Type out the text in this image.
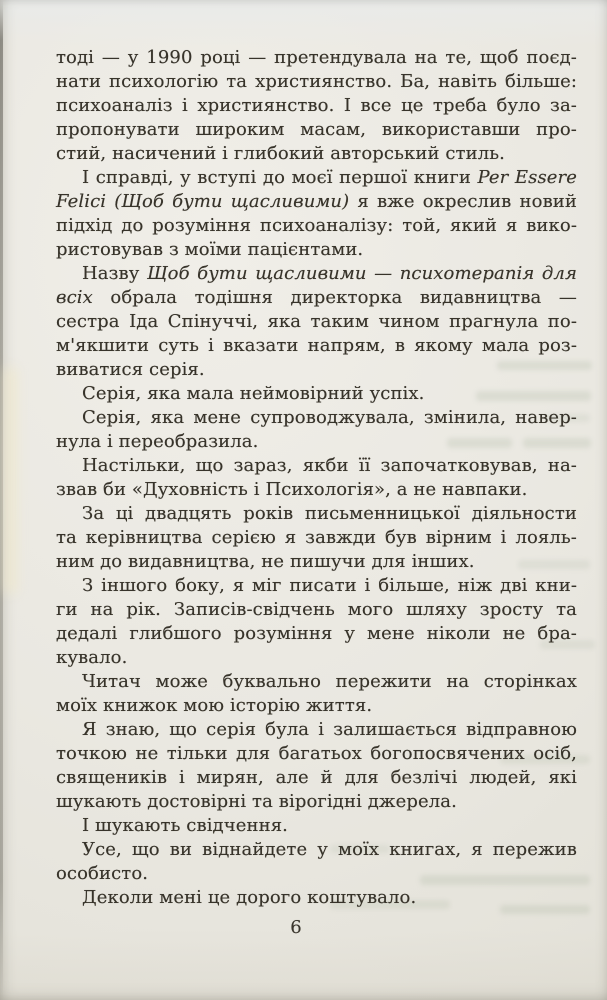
тоді — у 1990 році — претендувала на те, щоб поєд-
нати психологію та християнство. Ба, навіть більше:
психоаналіз і християнство. І все це треба було за-
пропонувати широким масам, використавши про-
стий, насичений і глибокий авторський стиль.
І справді, у вступі до моєї першої книги Per Essere
Felici (Щоб бути щасливими) я вже окреслив новий
підхід до розуміння психоаналізу: той, який я вико-
ристовував з моїми пацієнтами.
Назву Щоб бути щасливими — психотерапія для
всіх обрала тодішня директорка видавництва —
сестра Іда Спінуччі, яка таким чином прагнула по-
м'якшити суть і вказати напрям, в якому мала роз-
виватися серія.
Серія, яка мала неймовірний успіх.
Серія, яка мене супроводжувала, змінила, навер-
нула і переобразила.
Настільки, що зараз, якби її започатковував, на-
звав би «Духовність і Психологія», а не навпаки.
За ці двадцять років письменницької діяльности
та керівництва серією я завжди був вірним і лояль-
ним до видавництва, не пишучи для інших.
З іншого боку, я міг писати і більше, ніж дві кни-
ги на рік. Записів-свідчень мого шляху зросту та
дедалі глибшого розуміння у мене ніколи не бра-
кувало.
Читач може буквально пережити на сторінках
моїх книжок мою історію життя.
Я знаю, що серія була і залишається відправною
точкою не тільки для багатьох богопосвячених осіб,
священиків і мирян, але й для безлічі людей, які
шукають достовірні та вірогідні джерела.
І шукають свідчення.
Усе, що ви віднайдете у моїх книгах, я пережив
особисто.
Деколи мені це дорого коштувало.
6
